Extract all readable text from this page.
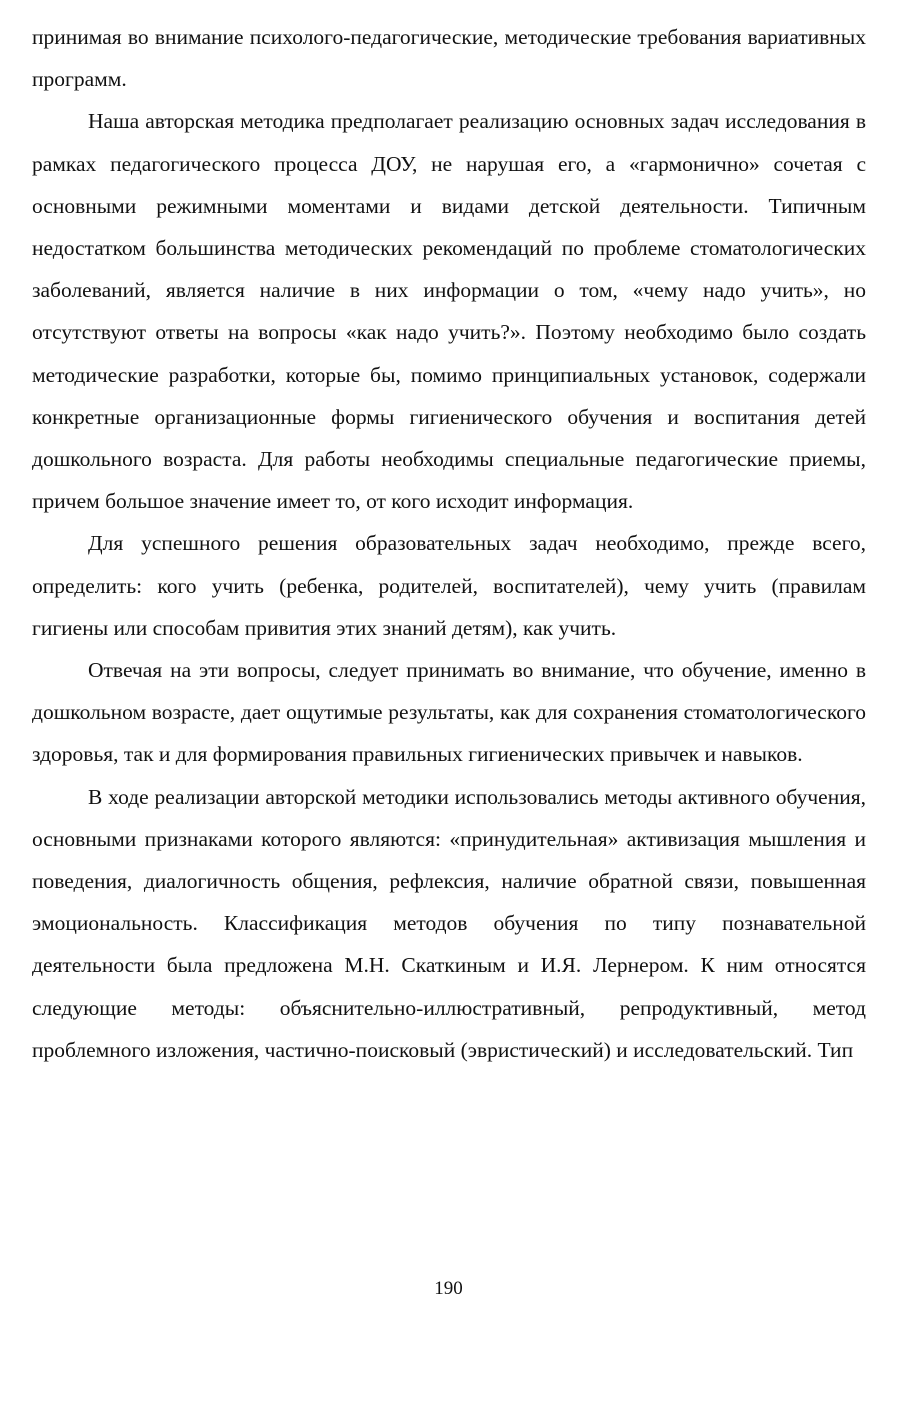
принимая во внимание психолого-педагогические, методические требования вариативных программ.

Наша авторская методика предполагает реализацию основных задач исследования в рамках педагогического процесса ДОУ, не нарушая его, а «гармонично» сочетая с основными режимными моментами и видами детской деятельности. Типичным недостатком большинства методических рекомендаций по проблеме стоматологических заболеваний, является наличие в них информации о том, «чему надо учить», но отсутствуют ответы на вопросы «как надо учить?». Поэтому необходимо было создать методические разработки, которые бы, помимо принципиальных установок, содержали конкретные организационные формы гигиенического обучения и воспитания детей дошкольного возраста. Для работы необходимы специальные педагогические приемы, причем большое значение имеет то, от кого исходит информация.

Для успешного решения образовательных задач необходимо, прежде всего, определить: кого учить (ребенка, родителей, воспитателей), чему учить (правилам гигиены или способам привития этих знаний детям), как учить.

Отвечая на эти вопросы, следует принимать во внимание, что обучение, именно в дошкольном возрасте, дает ощутимые результаты, как для сохранения стоматологического здоровья, так и для формирования правильных гигиенических привычек и навыков.

В ходе реализации авторской методики использовались методы активного обучения, основными признаками которого являются: «принудительная» активизация мышления и поведения, диалогичность общения, рефлексия, наличие обратной связи, повышенная эмоциональность. Классификация методов обучения по типу познавательной деятельности была предложена М.Н. Скаткиным и И.Я. Лернером. К ним относятся следующие методы: объяснительно-иллюстративный, репродуктивный, метод проблемного изложения, частично-поисковый (эвристический) и исследовательский. Тип

190
